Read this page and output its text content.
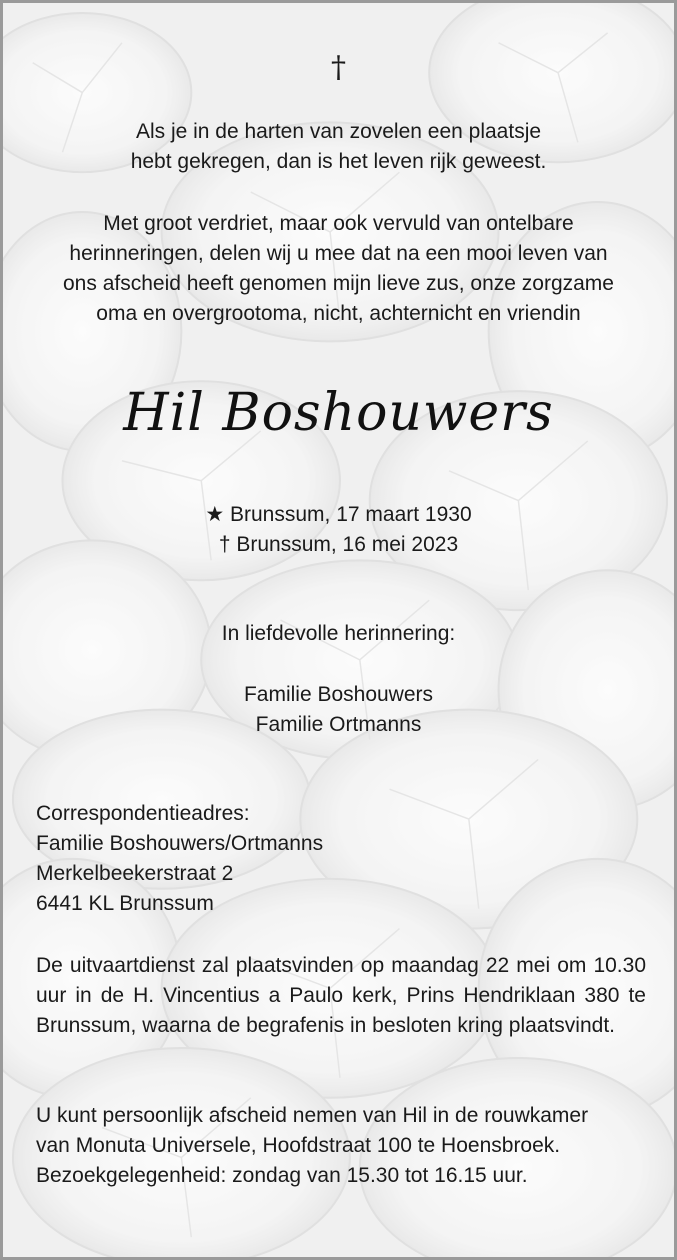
†

Als je in de harten van zovelen een plaatsje
hebt gekregen, dan is het leven rijk geweest.

Met groot verdriet, maar ook vervuld van ontelbare
herinneringen, delen wij u mee dat na een mooi leven van
ons afscheid heeft genomen mijn lieve zus, onze zorgzame
oma en overgrootoma, nicht, achternicht en vriendin

Hil Boshouwers
★ Brunssum, 17 maart 1930
† Brunssum, 16 mei 2023

In liefdevolle herinnering:

Familie Boshouwers
Familie Ortmanns

Correspondentieadres:
Familie Boshouwers/Ortmanns
Merkelbeekerstraat 2
6441 KL Brunssum

De uitvaartdienst zal plaatsvinden op maandag 22 mei om 10.30 uur in de H. Vincentius a Paulo kerk, Prins Hendriklaan 380 te Brunssum, waarna de begrafenis in besloten kring plaatsvindt.

U kunt persoonlijk afscheid nemen van Hil in de rouwkamer
van Monuta Universele, Hoofdstraat 100 te Hoensbroek.
Bezoekgelegenheid: zondag van 15.30 tot 16.15 uur.
